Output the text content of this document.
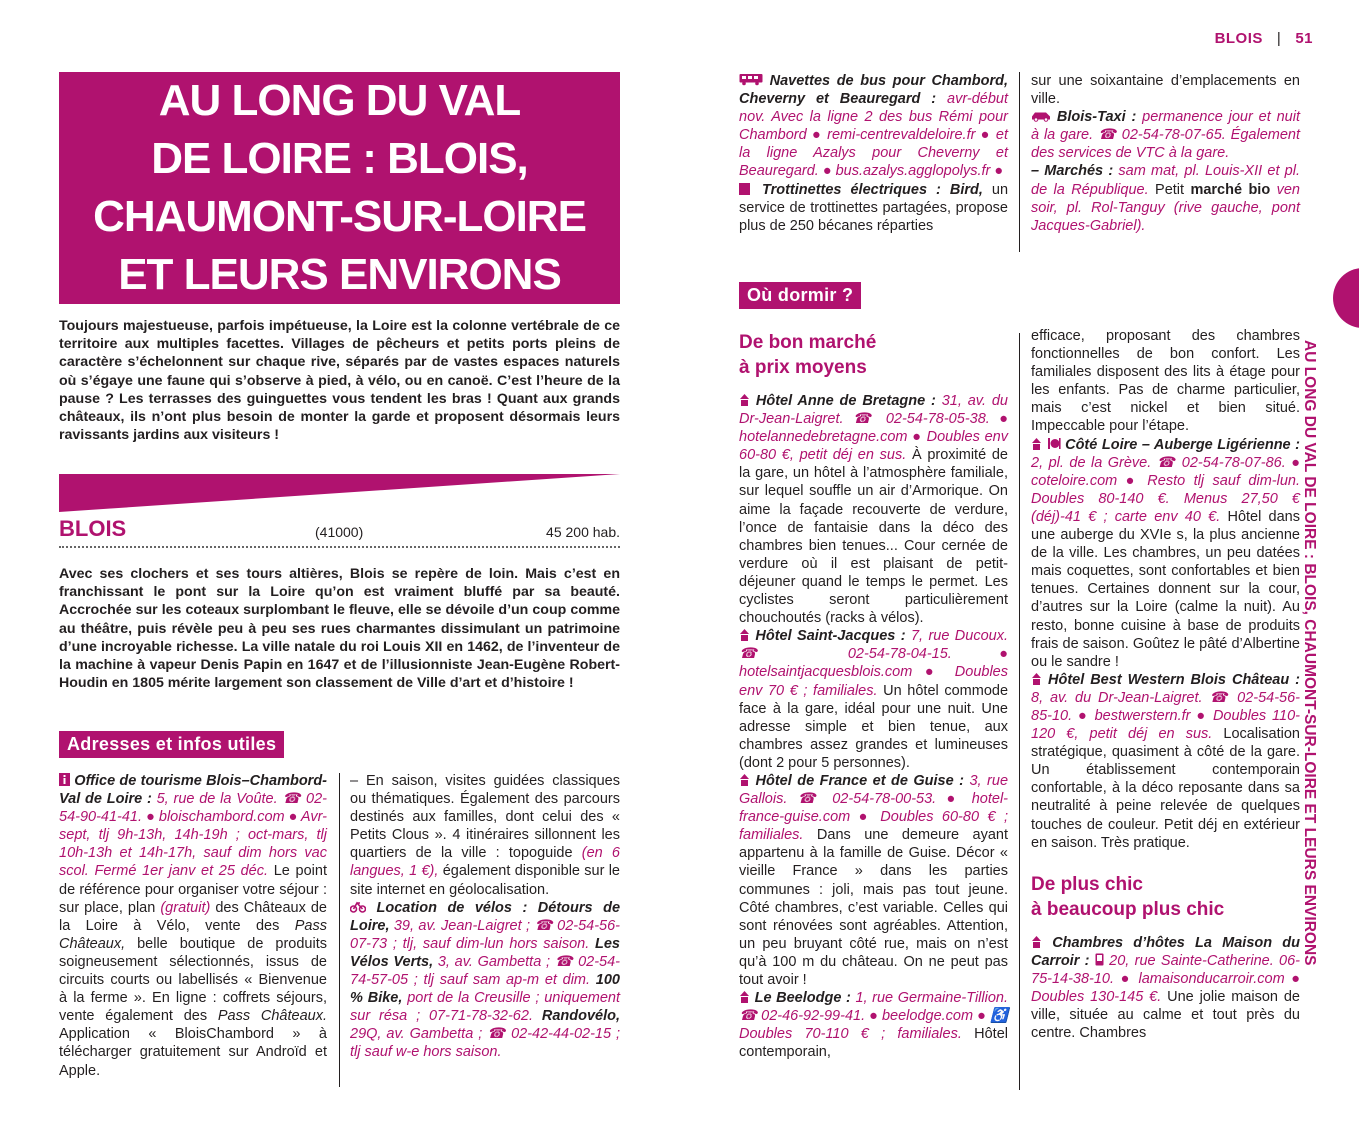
BLOIS | 51
AU LONG DU VAL
DE LOIRE : BLOIS,
CHAUMONT-SUR-LOIRE
ET LEURS ENVIRONS
Toujours majestueuse, parfois impétueuse, la Loire est la colonne vertébrale de ce territoire aux multiples facettes. Villages de pêcheurs et petits ports pleins de caractère s’échelonnent sur chaque rive, séparés par de vastes espaces naturels où s’égaye une faune qui s’observe à pied, à vélo, ou en canoë. C’est l’heure de la pause ? Les terrasses des guinguettes vous tendent les bras ! Quant aux grands châteaux, ils n’ont plus besoin de monter la garde et proposent désormais leurs ravissants jardins aux visiteurs !
BLOIS	(41000)	45 200 hab.
Avec ses clochers et ses tours altières, Blois se repère de loin. Mais c’est en franchissant le pont sur la Loire qu’on est vraiment bluffé par sa beauté. Accrochée sur les coteaux surplombant le fleuve, elle se dévoile d’un coup comme au théâtre, puis révèle peu à peu ses rues charmantes dissimulant un patrimoine d’une incroyable richesse. La ville natale du roi Louis XII en 1462, de l’inventeur de la machine à vapeur Denis Papin en 1647 et de l’illusionniste Jean-Eugène Robert-Houdin en 1805 mérite largement son classement de Ville d’art et d’histoire !
Adresses et infos utiles

Office de tourisme Blois–Chambord-Val de Loire : 5, rue de la Voûte. ☎ 02-54-90-41-41. ● bloischambord.com ● Avr-sept, tlj 9h-13h, 14h-19h ; oct-mars, tlj 10h-13h et 14h-17h, sauf dim hors vac scol. Fermé 1er janv et 25 déc. Le point de référence pour organiser votre séjour : sur place, plan (gratuit) des Châteaux de la Loire à Vélo, vente des Pass Châteaux, belle boutique de produits soigneusement sélectionnés, issus de circuits courts ou labellisés « Bienvenue à la ferme ». En ligne : coffrets séjours, vente également des Pass Châteaux. Application « BloisChambord » à télécharger gratuitement sur Androïd et Apple.

– En saison, visites guidées classiques ou thématiques. Également des parcours destinés aux familles, dont celui des « Petits Clous ». 4 itinéraires sillonnent les quartiers de la ville : topoguide (en 6 langues, 1 €), également disponible sur le site internet en géolocalisation.

Location de vélos : Détours de Loire, 39, av. Jean-Laigret ; ☎ 02-54-56-07-73 ; tlj, sauf dim-lun hors saison. Les Vélos Verts, 3, av. Gambetta ; ☎ 02-54-74-57-05 ; tlj sauf sam ap-m et dim. 100 % Bike, port de la Creusille ; uniquement sur résa ; 07-71-78-32-62. Randovélo, 29Q, av. Gambetta ; ☎ 02-42-44-02-15 ; tlj sauf w-e hors saison.

Navettes de bus pour Chambord, Cheverny et Beauregard : avr-début nov. Avec la ligne 2 des bus Rémi pour Chambord ● remi-centrevaldeloire.fr ● et la ligne Azalys pour Cheverny et Beauregard. ● bus.azalys.agglopolys.fr ●

Trottinettes électriques : Bird, un service de trottinettes partagées, propose plus de 250 bécanes réparties

sur une soixantaine d’emplacements en ville.

Blois-Taxi : permanence jour et nuit à la gare. ☎ 02-54-78-07-65. Également des services de VTC à la gare.

– Marchés : sam mat, pl. Louis-XII et pl. de la République. Petit marché bio ven soir, pl. Rol-Tanguy (rive gauche, pont Jacques-Gabriel).

Où dormir ?
De bon marché
à prix moyens

Hôtel Anne de Bretagne : 31, av. du Dr-Jean-Laigret. ☎ 02-54-78-05-38. ● hotelannedebretagne.com ● Doubles env 60-80 €, petit déj en sus. À proximité de la gare, un hôtel à l’atmosphère familiale, sur lequel souffle un air d’Armorique. On aime la façade recouverte de verdure, l’once de fantaisie dans la déco des chambres bien tenues... Cour cernée de verdure où il est plaisant de petit-déjeuner quand le temps le permet. Les cyclistes seront particulièrement chouchoutés (racks à vélos).

Hôtel Saint-Jacques : 7, rue Ducoux. ☎ 02-54-78-04-15. ● hotelsaintjacquesblois.com ● Doubles env 70 € ; familiales. Un hôtel commode face à la gare, idéal pour une nuit. Une adresse simple et bien tenue, aux chambres assez grandes et lumineuses (dont 2 pour 5 personnes).

Hôtel de France et de Guise : 3, rue Gallois. ☎ 02-54-78-00-53. ● hotel-france-guise.com ● Doubles 60-80 € ; familiales. Dans une demeure ayant appartenu à la famille de Guise. Décor « vieille France » dans les parties communes : joli, mais pas tout jeune. Côté chambres, c’est variable. Celles qui sont rénovées sont agréables. Attention, un peu bruyant côté rue, mais on n’est qu’à 100 m du château. On ne peut pas tout avoir !

Le Beelodge : 1, rue Germaine-Tillion. ☎ 02-46-92-99-41. ● beelodge.com ● ♿ Doubles 70-110 € ; familiales. Hôtel contemporain,

efficace, proposant des chambres fonctionnelles de bon confort. Les familiales disposent des lits à étage pour les enfants. Pas de charme particulier, mais c’est nickel et bien situé. Impeccable pour l’étape.

Côté Loire – Auberge Ligérienne : 2, pl. de la Grève. ☎ 02-54-78-07-86. ● coteloire.com ● Resto tlj sauf dim-lun. Doubles 80-140 €. Menus 27,50 € (déj)-41 € ; carte env 40 €. Hôtel dans une auberge du XVIe s, la plus ancienne de la ville. Les chambres, un peu datées mais coquettes, sont confortables et bien tenues. Certaines donnent sur la cour, d’autres sur la Loire (calme la nuit). Au resto, bonne cuisine à base de produits frais de saison. Goûtez le pâté d’Albertine ou le sandre !

Hôtel Best Western Blois Château : 8, av. du Dr-Jean-Laigret. ☎ 02-54-56-85-10. ● bestwerstern.fr ● Doubles 110-120 €, petit déj en sus. Localisation stratégique, quasiment à côté de la gare. Un établissement contemporain confortable, à la déco reposante dans sa neutralité à peine relevée de quelques touches de couleur. Petit déj en extérieur en saison. Très pratique.

De plus chic
à beaucoup plus chic

Chambres d’hôtes La Maison du Carroir : 20, rue Sainte-Catherine. 06-75-14-38-10. ● lamaisonducarroir.com ● Doubles 130-145 €. Une jolie maison de ville, située au calme et tout près du centre. Chambres

AU LONG DU VAL DE LOIRE : BLOIS, CHAUMONT-SUR-LOIRE ET LEURS ENVIRONS
